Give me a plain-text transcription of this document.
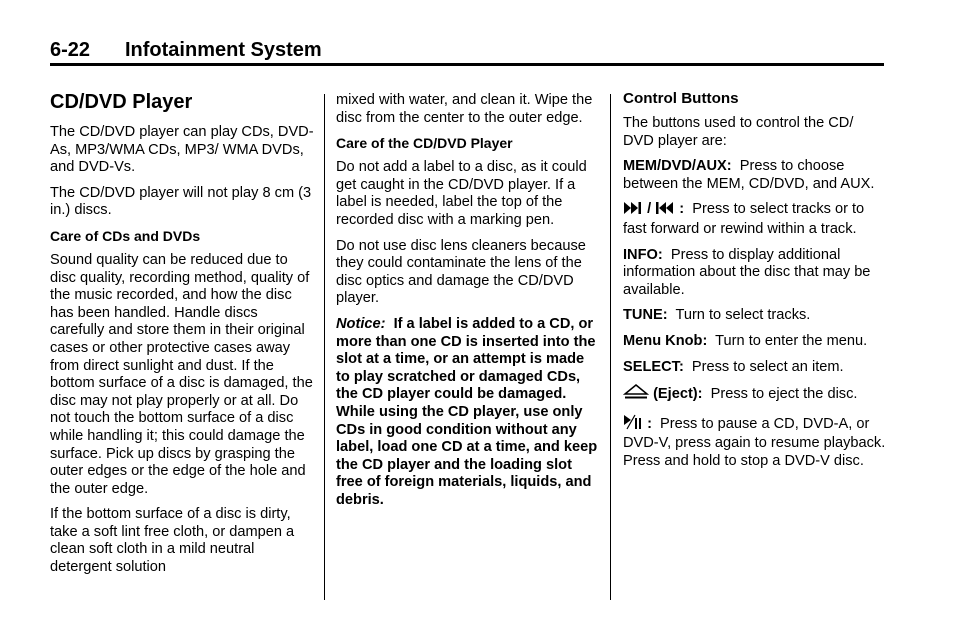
6-22 Infotainment System
CD/DVD Player

The CD/DVD player can play CDs, DVD-As, MP3/WMA CDs, MP3/ WMA DVDs, and DVD-Vs.

The CD/DVD player will not play 8 cm (3 in.) discs.

Care of CDs and DVDs

Sound quality can be reduced due to disc quality, recording method, quality of the music recorded, and how the disc has been handled. Handle discs carefully and store them in their original cases or other protective cases away from direct sunlight and dust. If the bottom surface of a disc is damaged, the disc may not play properly or at all. Do not touch the bottom surface of a disc while handling it; this could damage the surface. Pick up discs by grasping the outer edges or the edge of the hole and the outer edge.

If the bottom surface of a disc is dirty, take a soft lint free cloth, or dampen a clean soft cloth in a mild neutral detergent solution

mixed with water, and clean it. Wipe the disc from the center to the outer edge.

Care of the CD/DVD Player

Do not add a label to a disc, as it could get caught in the CD/DVD player. If a label is needed, label the top of the recorded disc with a marking pen.

Do not use disc lens cleaners because they could contaminate the lens of the disc optics and damage the CD/DVD player.

Notice: If a label is added to a CD, or more than one CD is inserted into the slot at a time, or an attempt is made to play scratched or damaged CDs, the CD player could be damaged. While using the CD player, use only CDs in good condition without any label, load one CD at a time, and keep the CD player and the loading slot free of foreign materials, liquids, and debris.

Control Buttons

The buttons used to control the CD/ DVD player are:

MEM/DVD/AUX: Press to choose between the MEM, CD/DVD, and AUX.

/ : Press to select tracks or to fast forward or rewind within a track.

INFO: Press to display additional information about the disc that may be available.

TUNE: Turn to select tracks.

Menu Knob: Turn to enter the menu.

SELECT: Press to select an item.

(Eject): Press to eject the disc.

: Press to pause a CD, DVD-A, or DVD-V, press again to resume playback. Press and hold to stop a DVD-V disc.
